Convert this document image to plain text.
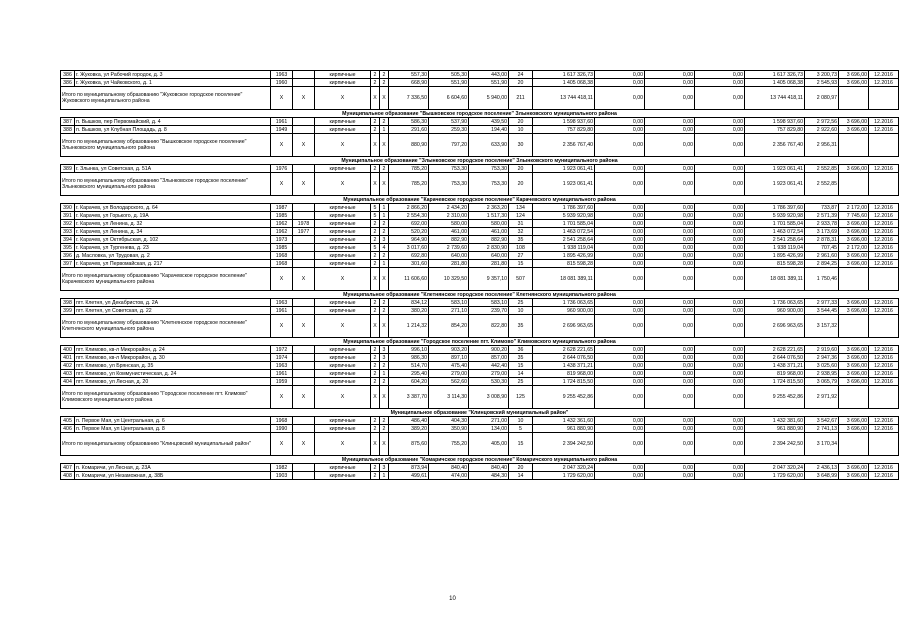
386	г. Жуковка, ул Рабочий городок, д. 3	1963		кирпичные	2	2	557,30	505,30	443,00	24	1 617 326,73	0,00	0,00	0,00	1 617 326,73	3 200,73	3 696,00	12.2016
386	г. Жуковка, ул Чайковского, д. 1	1960		кирпичные	2	2	668,90	551,90	551,90	20	1 405 068,38	0,00	0,00	0,00	1 405 068,38	2 545,93	3 696,00	12.2016
Итого по муниципальному образованию "Жуковское городское поселение" Жуковского муниципального района		Х	Х	Х	Х	Х	7 336,50	6 604,60	5 940,00	211	13 744 418,11	0,00	0,00	0,00	13 744 418,11	2 080,97		
Муниципальное образование "Вышковское городское поселение" Злынковского муниципального района																		
387	п. Вышков, пер Первомайский, д. 4	1961		кирпичные	2	2	586,30	537,90	439,50	20	1 598 937,60	0,00	0,00	0,00	1 598 937,60	2 972,56	3 696,00	12.2016
388	п. Вышков, ул Клубная Площадь, д. 8	1949		кирпичные	2	1	291,60	259,30	194,40	10	757 829,80	0,00	0,00	0,00	757 829,80	2 922,60	3 696,00	12.2016
Итого по муниципальному образованию "Вышковское городское поселение" Злынковского муниципального района		Х	Х	Х	Х	Х	880,90	797,20	633,90	30	2 356 767,40	0,00	0,00	0,00	2 356 767,40	2 956,31		
Муниципальное образование "Злынковское городское поселение" Злынковского муниципального района																		
389	г. Злынка, ул Советская, д. 51А	1976		кирпичные	2	2	785,20	753,30	753,30	20	1 923 061,41	0,00	0,00	0,00	1 923 061,41	2 552,85	3 696,00	12.2016
Итого по муниципальному образованию "Злынковское городское поселение" Злынковского муниципального района		Х	Х	Х	Х	Х	785,20	753,30	753,30	20	1 923 061,41	0,00	0,00	0,00	1 923 061,41	2 552,85		
Муниципальное образование "Карачевское городское поселение" Карачевского муниципального района																		
390	г. Карачев, ул Володарского, д. 64	1987		кирпичные	5	1	2 866,20	2 434,20	2 363,20	134	1 786 397,60	0,00	0,00	0,00	1 786 397,60	733,87	2 172,00	12.2016
391	г. Карачев, ул Горького, д. 19А	1985		кирпичные	5	1	2 554,30	2 310,00	1 517,30	124	5 939 920,98	0,00	0,00	0,00	5 939 920,98	2 571,39	7 745,60	12.2016
392	г. Карачев, ул Ленина, д. 32	1962	1978	кирпичные	2	2	692,00	580,00	580,00	31	1 701 585,04	0,00	0,00	0,00	1 701 585,04	2 933,78	3 696,00	12.2016
393	г. Карачев, ул Ленина, д. 34	1962	1977	кирпичные	2	2	520,20	461,00	461,00	32	1 463 072,54	0,00	0,00	0,00	1 463 072,54	3 173,69	3 696,00	12.2016
394	г. Карачев, ул Октябрьская, д. 102	1973		кирпичные	2	3	964,90	882,90	882,90	35	2 541 258,64	0,00	0,00	0,00	2 541 258,64	2 878,31	3 696,00	12.2016
395	г. Карачев, ул Тургенева, д. 23	1985		кирпичные	5	4	3 017,60	2 739,60	2 830,90	108	1 938 119,04	0,00	0,00	0,00	1 938 119,04	707,45	2 172,00	12.2016
396	д. Масловка, ул Трудовая, д. 2	1968		кирпичные	2	2	692,80	640,00	640,00	27	1 895 426,99	0,00	0,00	0,00	1 895 426,99	2 961,60	3 696,00	12.2016
397	г. Карачев, ул Первомайская, д. 217	1968		кирпичные	2	1	301,60	281,80	281,80	15	815 598,28	0,00	0,00	0,00	815 598,28	2 894,25	3 696,00	12.2016
Итого по муниципальному образованию "Карачевское городское поселение" Карачевского муниципального района		Х	Х	Х	Х	Х	11 606,60	10 329,50	9 357,10	507	18 081 389,11	0,00	0,00	0,00	18 081 389,11	1 750,46		
Муниципальное образование "Клетнянское городское поселение" Клетнянского муниципального района																		
398	пгт. Клетня, ул Декабристов, д. 2А	1963		кирпичные	2	2	834,12	583,10	583,10	25	1 736 063,65	0,00	0,00	0,00	1 736 063,65	2 977,33	3 696,00	12.2016
399	пгт. Клетня, ул Советская, д. 22	1961		кирпичные	2	2	380,20	271,10	239,70	10	960 900,00	0,00	0,00	0,00	960 900,00	3 544,45	3 696,00	12.2016
Итого по муниципальному образованию "Клетнянское городское поселение" Клетнянского муниципального района		Х	Х	Х	Х	Х	1 214,32	854,20	822,80	35	2 696 963,65	0,00	0,00	0,00	2 696 963,65	3 157,32		
Муниципальное образование "Городское поселение пгт. Климово" Климовского муниципального района																		
400	пгт. Климово, кв-л Микрорайон, д. 24	1972		кирпичные	2	3	996,10	903,20	900,20	36	2 628 221,65	0,00	0,00	0,00	2 628 221,65	2 919,60	3 696,00	12.2016
401	пгт. Климово, кв-л Микрорайон, д. 30	1974		кирпичные	2	3	986,30	897,10	857,00	35	2 644 076,50	0,00	0,00	0,00	2 644 076,50	2 947,36	3 696,00	12.2016
402	пгт. Климово, ул Брянская, д. 35	1963		кирпичные	2	2	514,70	475,40	442,40	15	1 438 371,21	0,00	0,00	0,00	1 438 371,21	3 025,60	3 696,00	12.2016
403	пгт. Климово, ул Коммунистическая, д. 24	1961		кирпичные	2	1	295,40	279,00	279,00	14	819 968,00	0,00	0,00	0,00	819 968,00	2 938,95	3 696,00	12.2016
404	пгт. Климово, ул Лесная, д. 20	1959		кирпичные	2	2	604,20	562,60	530,30	25	1 724 815,50	0,00	0,00	0,00	1 724 815,50	3 065,79	3 696,00	12.2016
Итого по муниципальному образованию "Городское поселение пгт. Климово" Климовского муниципального района		Х	Х	Х	Х	Х	3 387,70	3 114,30	3 008,90	125	9 255 452,86	0,00	0,00	0,00	9 255 452,86	2 971,92		
Муниципальное образование "Клинцовский муниципальный район"																		
405	п. Первое Мая, ул Центральная, д. 6	1968		кирпичные	2	2	486,40	404,30	271,00	10	1 432 361,60	0,00	0,00	0,00	1 432 381,60	3 542,67	3 696,00	12.2016
406	п. Первое Мая, ул Центральная, д. 8	1990		кирпичные	2	2	389,20	350,90	134,00	5	961 880,90	0,00	0,00	0,00	961 880,90	2 741,13	3 696,00	12.2016
Итого по муниципальному образованию "Клинцовский муниципальный район"		Х	Х	Х	Х	Х	875,60	755,20	405,00	15	2 394 242,50	0,00	0,00	0,00	2 394 242,50	3 170,34		
Муниципальное образование "Комаричское городское поселение" Комаричского муниципального района																		
407	п. Комаричи, ул Лесная, д. 23А	1982		кирпичные	2	3	873,94	840,40	840,40	20	2 047 320,24	0,00	0,00	0,00	2 047 320,24	2 436,13	3 696,00	12.2016
408	п. Комаричи, ул Незаможная, д. 38Б	1903		кирпичные	2	1	499,61	474,00	484,30	14	1 729 620,00	0,00	0,00	0,00	1 729 620,00	3 648,99	3 696,00	12.2016
10
